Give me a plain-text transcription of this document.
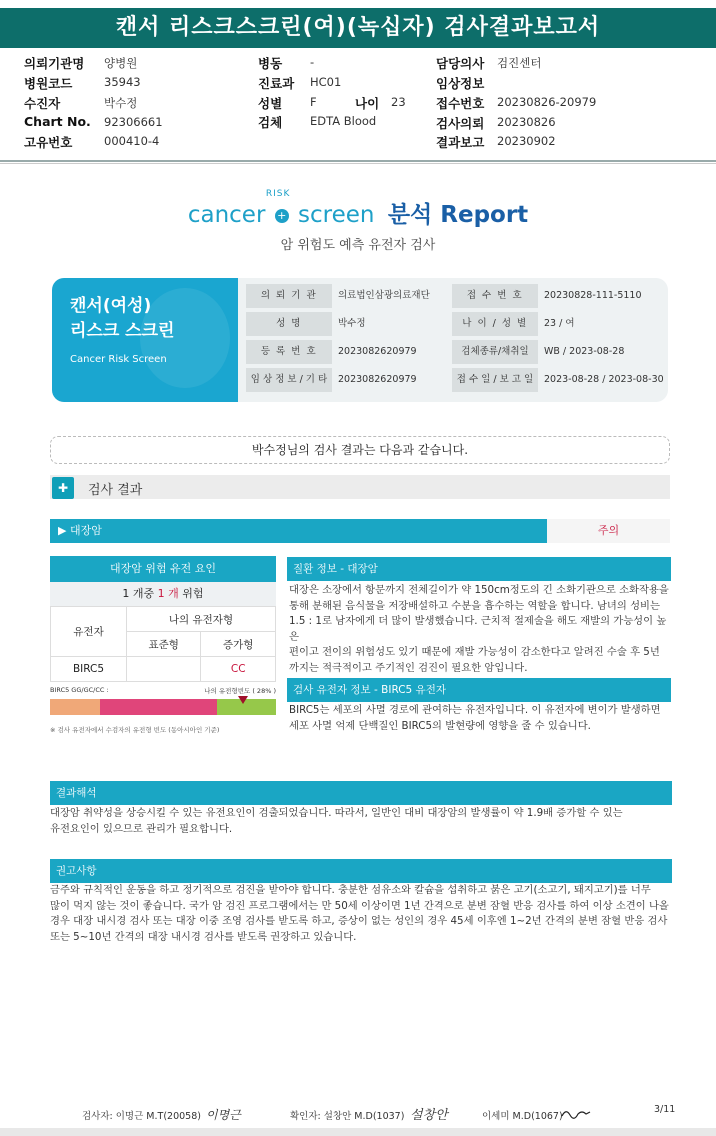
캔서 리스크스크린(여)(녹십자) 검사결과보고서
의뢰기관명 양병원
병원코드	35943
수진자	박수정
Chart No. 92306661
고유번호	000410-4
병동 -
진료과 HC01
성별 F	나이 23
검체 EDTA Blood
담당의사 검진센터
임상정보
접수번호 20230826-20979
검사의뢰 20230826
결과보고 20230902
cancer
RISK
+ screen 분석 Report
암 위험도 예측 유전자 검사
캔서(여성)
리스크 스크린
Cancer Risk Screen
의 뢰 기 관	의료법인삼광의료재단	접 수 번 호	20230828-111-5110
성 명	박수정	나 이 / 성 별	23 / 여
등 록 번 호	2023082620979	검체종류/채취일	WB / 2023-08-28
임 상 정 보 / 기 타	2023082620979	접 수 일 / 보 고 일	2023-08-28 / 2023-08-30
박수정님의 검사 결과는 다음과 같습니다.
✚	검사 결과
▶ 대장암	주의
대장암 위험 유전 요인
1 개중 1 개 위험
유전자	나의 유전자형	
	표준형	증가형
BIRC5		CC
BIRC5 GG/GC/CC :	나의 유전형빈도 ( 28% )
※ 검사 유전자에서 수검자의 유전형 빈도 (동아시아인 기준)
질환 정보 - 대장암
대장은 소장에서 항문까지 전체길이가 약 150cm정도의 긴 소화기관으로 소화작용을
통해 분해된 음식물을 저장배설하고 수분을 흡수하는 역할을 합니다. 남녀의 성비는
1.5 : 1로 남자에게 더 많이 발생했습니다. 근치적 절제술을 해도 재발의 가능성이 높은
편이고 전이의 위험성도 있기 때문에 재발 가능성이 감소한다고 알려진 수술 후 5년
까지는 적극적이고 주기적인 검진이 필요한 암입니다.
검사 유전자 정보 - BIRC5 유전자
BIRC5는 세포의 사멸 경로에 관여하는 유전자입니다. 이 유전자에 변이가 발생하면
세포 사멸 억제 단백질인 BIRC5의 발현량에 영향을 줄 수 있습니다.
결과해석
대장암 취약성을 상승시킬 수 있는 유전요인이 검출되었습니다. 따라서, 일반인 대비 대장암의 발생률이 약 1.9배 증가할 수 있는
유전요인이 있으므로 관리가 필요합니다.
권고사항
금주와 규칙적인 운동을 하고 정기적으로 검진을 받아야 합니다. 충분한 섬유소와 칼슘을 섭취하고 붉은 고기(소고기, 돼지고기)를 너무
많이 먹지 않는 것이 좋습니다. 국가 암 검진 프로그램에서는 만 50세 이상이면 1년 간격으로 분변 잠혈 반응 검사를 하여 이상 소견이 나올
경우 대장 내시경 검사 또는 대장 이중 조영 검사를 받도록 하고, 증상이 없는 성인의 경우 45세 이후엔 1~2년 간격의 분변 잠혈 반응 검사
또는 5~10년 간격의 대장 내시경 검사를 받도록 권장하고 있습니다.
검사자: 이명근 M.T(20058) 이명근	확인자: 설창안 M.D(1037) 설창안	이세미 M.D(1067)
3/11
